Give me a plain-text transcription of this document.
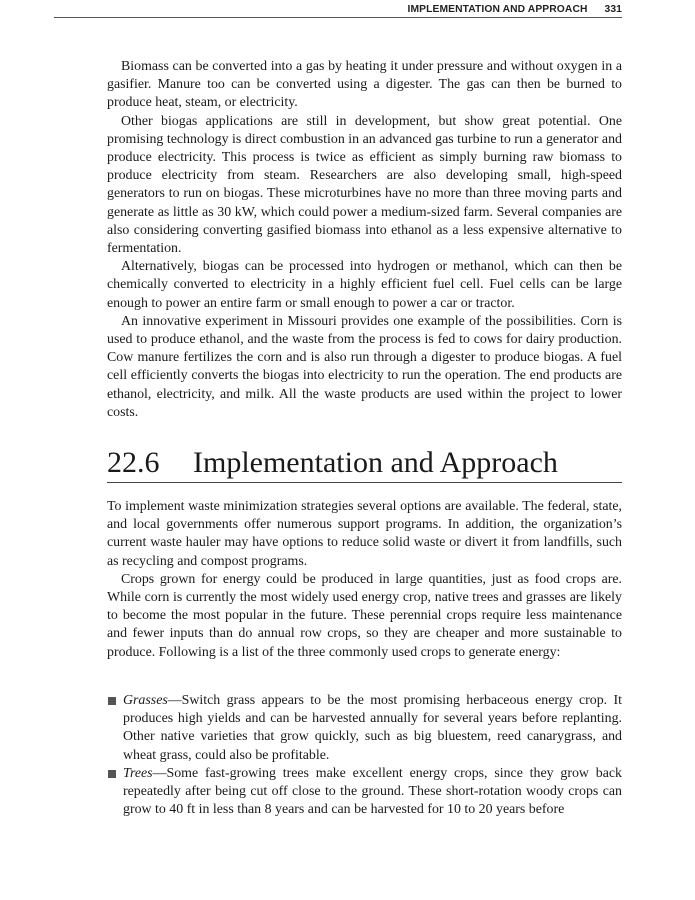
IMPLEMENTATION AND APPROACH 331

Biomass can be converted into a gas by heating it under pressure and without oxygen in a gasifier. Manure too can be converted using a digester. The gas can then be burned to produce heat, steam, or electricity.

Other biogas applications are still in development, but show great potential. One promising technology is direct combustion in an advanced gas turbine to run a generator and produce electricity. This process is twice as efficient as simply burning raw biomass to produce electricity from steam. Researchers are also developing small, high-speed generators to run on biogas. These microturbines have no more than three moving parts and generate as little as 30 kW, which could power a medium-sized farm. Several companies are also considering converting gasified biomass into ethanol as a less expensive alternative to fermentation.

Alternatively, biogas can be processed into hydrogen or methanol, which can then be chemically converted to electricity in a highly efficient fuel cell. Fuel cells can be large enough to power an entire farm or small enough to power a car or tractor.

An innovative experiment in Missouri provides one example of the possibilities. Corn is used to produce ethanol, and the waste from the process is fed to cows for dairy production. Cow manure fertilizes the corn and is also run through a digester to produce biogas. A fuel cell efficiently converts the biogas into electricity to run the operation. The end products are ethanol, electricity, and milk. All the waste products are used within the project to lower costs.

22.6 Implementation and Approach

To implement waste minimization strategies several options are available. The federal, state, and local governments offer numerous support programs. In addition, the organization’s current waste hauler may have options to reduce solid waste or divert it from landfills, such as recycling and compost programs.

Crops grown for energy could be produced in large quantities, just as food crops are. While corn is currently the most widely used energy crop, native trees and grasses are likely to become the most popular in the future. These perennial crops require less maintenance and fewer inputs than do annual row crops, so they are cheaper and more sustainable to produce. Following is a list of the three commonly used crops to generate energy:

Grasses—Switch grass appears to be the most promising herbaceous energy crop. It produces high yields and can be harvested annually for several years before replanting. Other native varieties that grow quickly, such as big bluestem, reed canarygrass, and wheat grass, could also be profitable.
Trees—Some fast-growing trees make excellent energy crops, since they grow back repeatedly after being cut off close to the ground. These short-rotation woody crops can grow to 40 ft in less than 8 years and can be harvested for 10 to 20 years before
